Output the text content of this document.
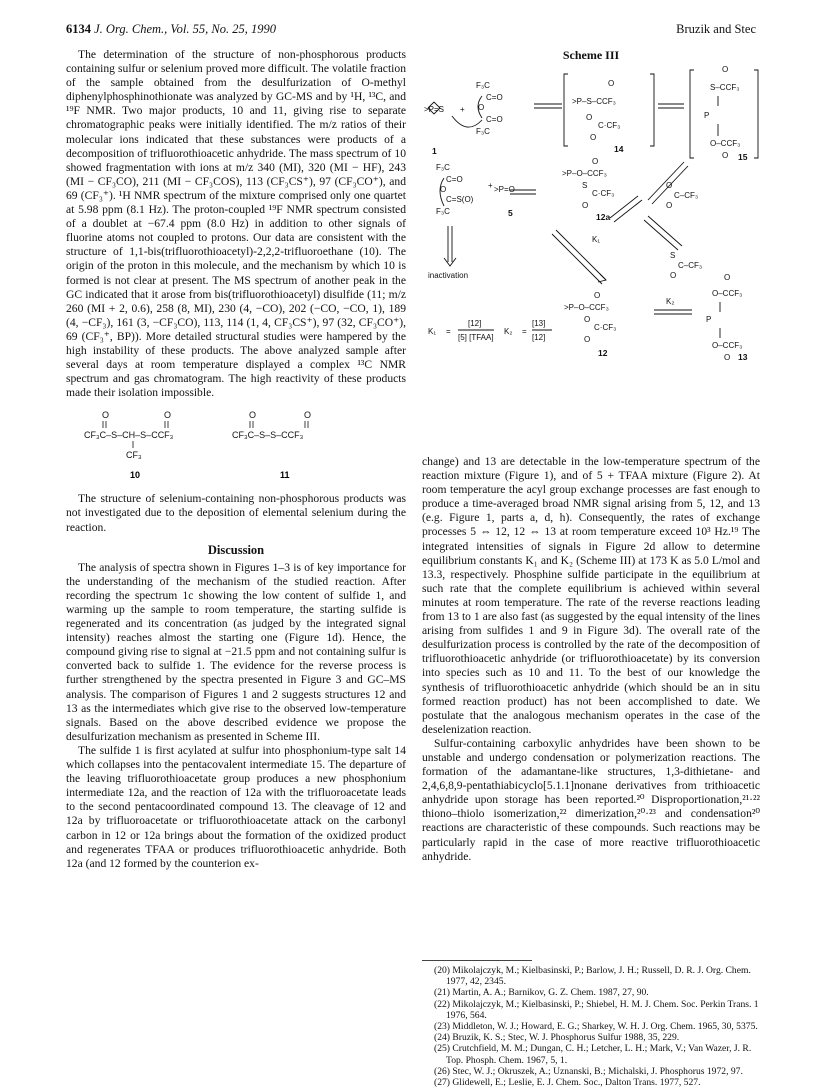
6134 J. Org. Chem., Vol. 55, No. 25, 1990	Bruzik and Stec

The determination of the structure of non-phosphorous products containing sulfur or selenium proved more difficult. The volatile fraction of the sample obtained from the desulfurization of O-methyl diphenylphosphinothionate was analyzed by GC-MS and by ¹H, ¹³C, and ¹⁹F NMR. Two major products, 10 and 11, giving rise to separate chromatographic peaks were initially identified. The m/z ratios of their molecular ions indicated that these substances were products of a decomposition of trifluorothioacetic anhydride. The mass spectrum of 10 showed fragmentation with ions at m/z 340 (MI), 320 (MI − HF), 243 (MI − CF₃CO), 211 (MI − CF₃COS), 113 (CF₃CS⁺), 97 (CF₃CO⁺), and 69 (CF₃⁺). ¹H NMR spectrum of the mixture comprised only one quartet at 5.98 ppm (8.1 Hz). The proton-coupled ¹⁹F NMR spectrum consisted of a doublet at −67.4 ppm (8.0 Hz) in addition to other signals of fluorine atoms not coupled to protons. Our data are consistent with the structure of 1,1-bis(trifluorothioacetyl)-2,2,2-trifluoroethane (10). The origin of the proton in this molecule, and the mechanism by which 10 is formed is not clear at present. The MS spectrum of another peak in the GC indicated that it arose from bis(trifluorothioacetyl) disulfide (11; m/z 260 (MI + 2, 0.6), 258 (8, MI), 230 (4, −CO), 202 (−CO, −CO, 1), 189 (4, −CF₃), 161 (3, −CF₃CO), 113, 114 (1, 4, CF₃CS⁺), 97 (32, CF₃CO⁺), 69 (CF₃⁺, BP)). More detailed structural studies were hampered by the high instability of these products. The above analyzed sample after several days at room temperature displayed a complex ¹³C NMR spectrum and gas chromatogram. The high reactivity of these products made their isolation impossible.

O	O
CF₃C–S–CH–S–CCF₃
CF₃
O	O
CF₃C–S–S–CCF₃
10	11

The structure of selenium-containing non-phosphorous products was not investigated due to the deposition of elemental selenium during the reaction.

Discussion

The analysis of spectra shown in Figures 1–3 is of key importance for the understanding of the mechanism of the studied reaction. After recording the spectrum 1c showing the low content of sulfide 1, and warming up the sample to room temperature, the starting sulfide is regenerated and its concentration (as judged by the integrated signal intensity) reaches almost the starting one (Figure 1d). Hence, the compound giving rise to signal at −21.5 ppm and not containing sulfur is converted back to sulfide 1. The evidence for the reverse process is further strengthened by the spectra presented in Figure 3 and GC–MS analysis. The comparison of Figures 1 and 2 suggests structures 12 and 13 as the intermediates which give rise to the observed low-temperature signals. Based on the above described evidence we propose the desulfurization mechanism as presented in Scheme III.

The sulfide 1 is first acylated at sulfur into phosphonium-type salt 14 which collapses into the pentacovalent intermediate 15. The departure of the leaving trifluorothioacetate group produces a new phosphonium intermediate 12a, and the reaction of 12a with the trifluoroacetate leads to the second pentacoordinated compound 13. The cleavage of 12 and 12a by trifluoroacetate or trifluorothioacetate attack on the carbonyl carbon in 12 or 12a brings about the formation of the oxidized product and regenerates TFAA or produces trifluorothioacetic anhydride. Both 12a (and 12 formed by the counterion ex-

Scheme III
>P=S +
F₃C
C=O
O
C=O
F₃C
1
O
>P–S–CCF₃
O
C·CF₃
O
14
O
S–CCF₃
P
O–CCF₃
O 15
F₃C
C=O
O	+ >P=O
C=S(O)
F₃C	5
inactivation
K₁
O
>P–O–CCF₃
S
C·CF₃
O
12a
O
C–CF₃
O
S
C–CF₃
O
O
>P–O–CCF₃
O
C·CF₃
O
12
K₂
O
O–CCF₃
P
O–CCF₃
O 13
K₁ =
[12]
[5] [TFAA]
K₂ =
[13]
[12]

change) and 13 are detectable in the low-temperature spectrum of the reaction mixture (Figure 1), and of 5 + TFAA mixture (Figure 2). At room temperature the acyl group exchange processes are fast enough to produce a time-averaged broad NMR signal arising from 5, 12, and 13 (e.g. Figure 1, parts a, d, h). Consequently, the rates of exchange processes 5 ⇔ 12, 12 ⇔ 13 at room temperature exceed 10³ Hz.¹⁹ The integrated intensities of signals in Figure 2d allow to determine equilibrium constants K₁ and K₂ (Scheme III) at 173 K as 5.0 L/mol and 13.3, respectively. Phosphine sulfide participate in the equilibrium at such rate that the complete equilibrium is achieved within several minutes at room temperature. The rate of the reverse reactions leading from 13 to 1 are also fast (as suggested by the equal intensity of the lines arising from sulfides 1 and 9 in Figure 3d). The overall rate of the desulfurization process is controlled by the rate of the decomposition of trifluorothioacetic anhydride (or trifluorothioacetate) by its conversion into species such as 10 and 11. To the best of our knowledge the synthesis of trifluorothioacetic anhydride (which should be an in situ formed reaction product) has not been accomplished to date. We postulate that the analogous mechanism operates in the case of the deselenization reaction.

Sulfur-containing carboxylic anhydrides have been shown to be unstable and undergo condensation or polymerization reactions. The formation of the adamantane-like structures, 1,3-dithietane- and 2,4,6,8,9-pentathiabicyclo[5.1.1]nonane derivatives from trithioacetic anhydride upon storage has been reported.²⁰ Disproportionation,²¹·²² thiono–thiolo isomerization,²² dimerization,²⁰·²³ and condensation²⁰ reactions are characteristic of these compounds. Such reactions may be particularly rapid in the case of more reactive trifluorothioacetic anhydride.

(20) Mikolajczyk, M.; Kielbasinski, P.; Barlow, J. H.; Russell, D. R. J. Org. Chem. 1977, 42, 2345.
(21) Martin, A. A.; Barnikov, G. Z. Chem. 1987, 27, 90.
(22) Mikolajczyk, M.; Kielbasinski, P.; Shiebel, H. M. J. Chem. Soc. Perkin Trans. 1 1976, 564.
(23) Middleton, W. J.; Howard, E. G.; Sharkey, W. H. J. Org. Chem. 1965, 30, 5375.
(24) Bruzik, K. S.; Stec, W. J. Phosphorus Sulfur 1988, 35, 229.
(25) Crutchfield, M. M.; Dungan, C. H.; Letcher, L. H.; Mark, V.; Van Wazer, J. R. Top. Phosph. Chem. 1967, 5, 1.
(26) Stec, W. J.; Okruszek, A.; Uznanski, B.; Michalski, J. Phosphorus 1972, 97.
(27) Glidewell, E.; Leslie, E. J. Chem. Soc., Dalton Trans. 1977, 527.
